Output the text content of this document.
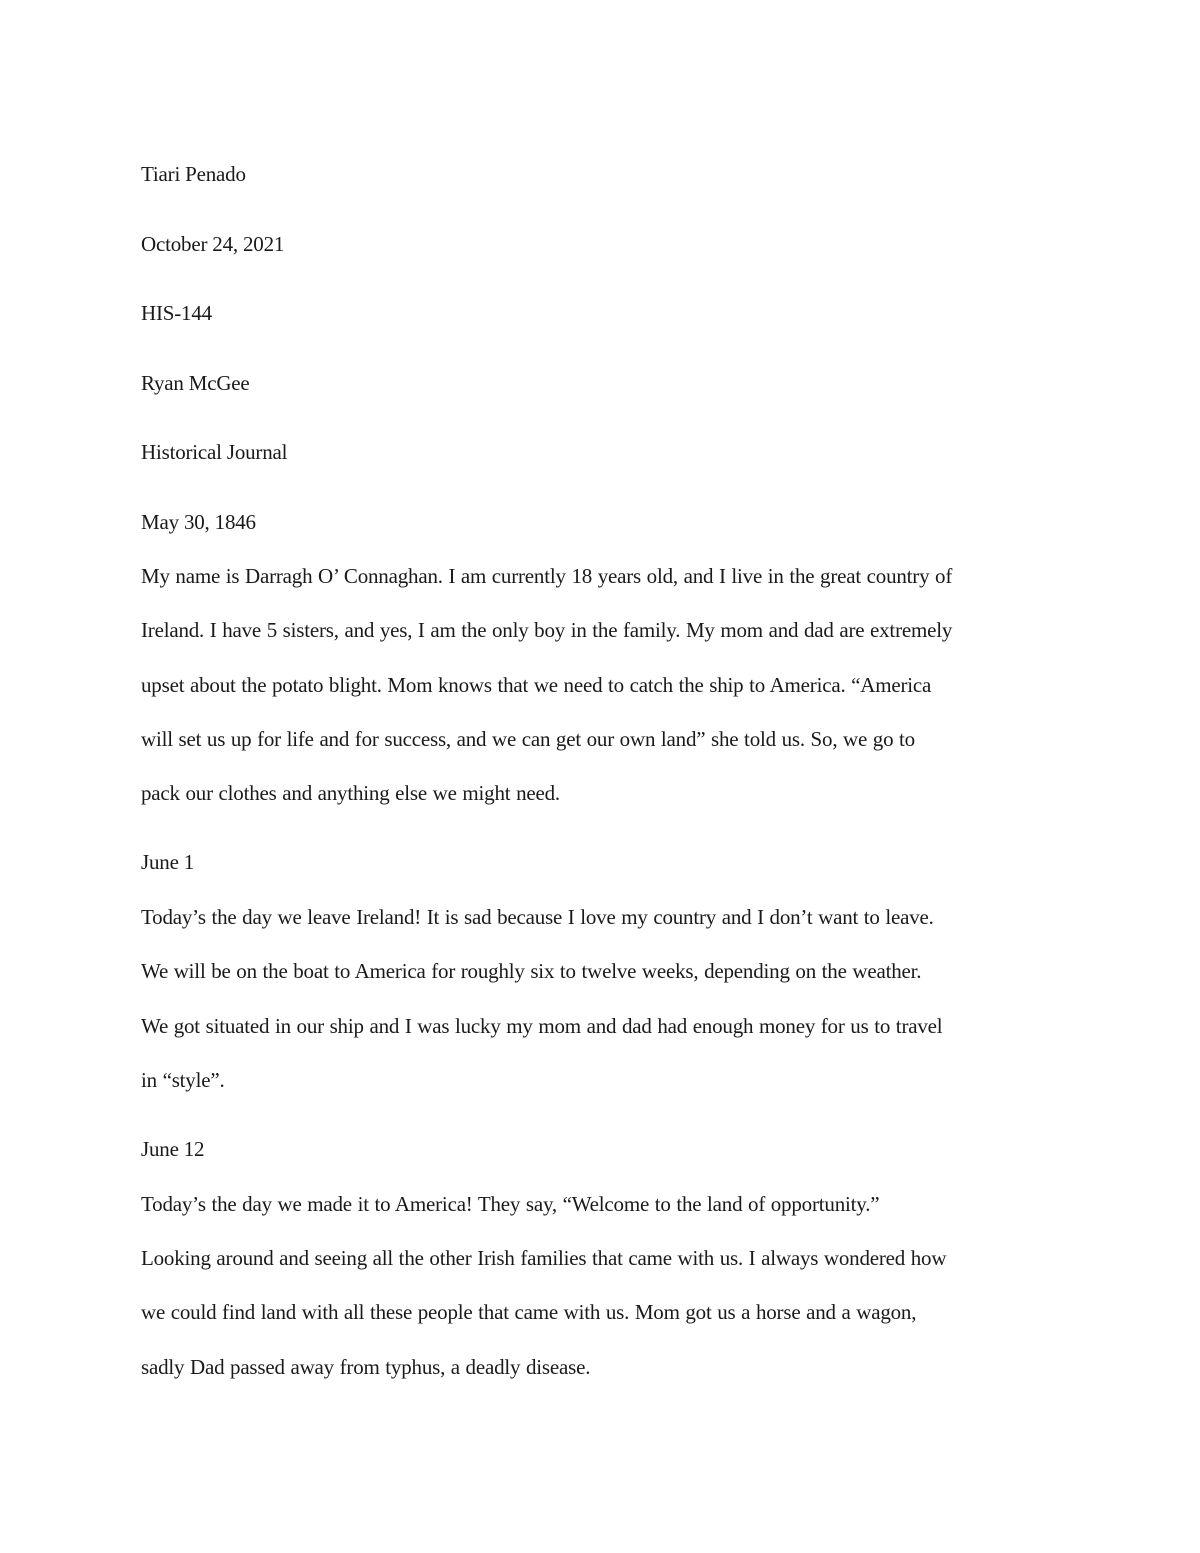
Tiari Penado
October 24, 2021
HIS-144
Ryan McGee
Historical Journal
May 30, 1846
My name is Darragh O’ Connaghan. I am currently 18 years old, and I live in the great country of
Ireland. I have 5 sisters, and yes, I am the only boy in the family. My mom and dad are extremely
upset about the potato blight. Mom knows that we need to catch the ship to America. “America
will set us up for life and for success, and we can get our own land” she told us. So, we go to
pack our clothes and anything else we might need.
June 1
Today’s the day we leave Ireland! It is sad because I love my country and I don’t want to leave.
We will be on the boat to America for roughly six to twelve weeks, depending on the weather.
We got situated in our ship and I was lucky my mom and dad had enough money for us to travel
in “style”.
June 12
Today’s the day we made it to America! They say, “Welcome to the land of opportunity.”
Looking around and seeing all the other Irish families that came with us. I always wondered how
we could find land with all these people that came with us. Mom got us a horse and a wagon,
sadly Dad passed away from typhus, a deadly disease.
